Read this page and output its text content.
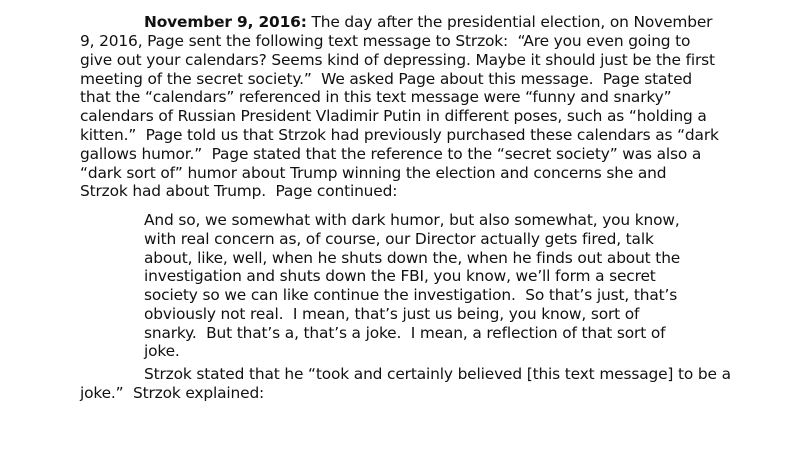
November 9, 2016: The day after the presidential election, on November
9, 2016, Page sent the following text message to Strzok:  “Are you even going to
give out your calendars? Seems kind of depressing. Maybe it should just be the first
meeting of the secret society.”  We asked Page about this message.  Page stated
that the “calendars” referenced in this text message were “funny and snarky”
calendars of Russian President Vladimir Putin in different poses, such as “holding a
kitten.”  Page told us that Strzok had previously purchased these calendars as “dark
gallows humor.”  Page stated that the reference to the “secret society” was also a
“dark sort of” humor about Trump winning the election and concerns she and
Strzok had about Trump.  Page continued:
And so, we somewhat with dark humor, but also somewhat, you know,
with real concern as, of course, our Director actually gets fired, talk
about, like, well, when he shuts down the, when he finds out about the
investigation and shuts down the FBI, you know, we’ll form a secret
society so we can like continue the investigation.  So that’s just, that’s
obviously not real.  I mean, that’s just us being, you know, sort of
snarky.  But that’s a, that’s a joke.  I mean, a reflection of that sort of
joke.
Strzok stated that he “took and certainly believed [this text message] to be a
joke.”  Strzok explained:
